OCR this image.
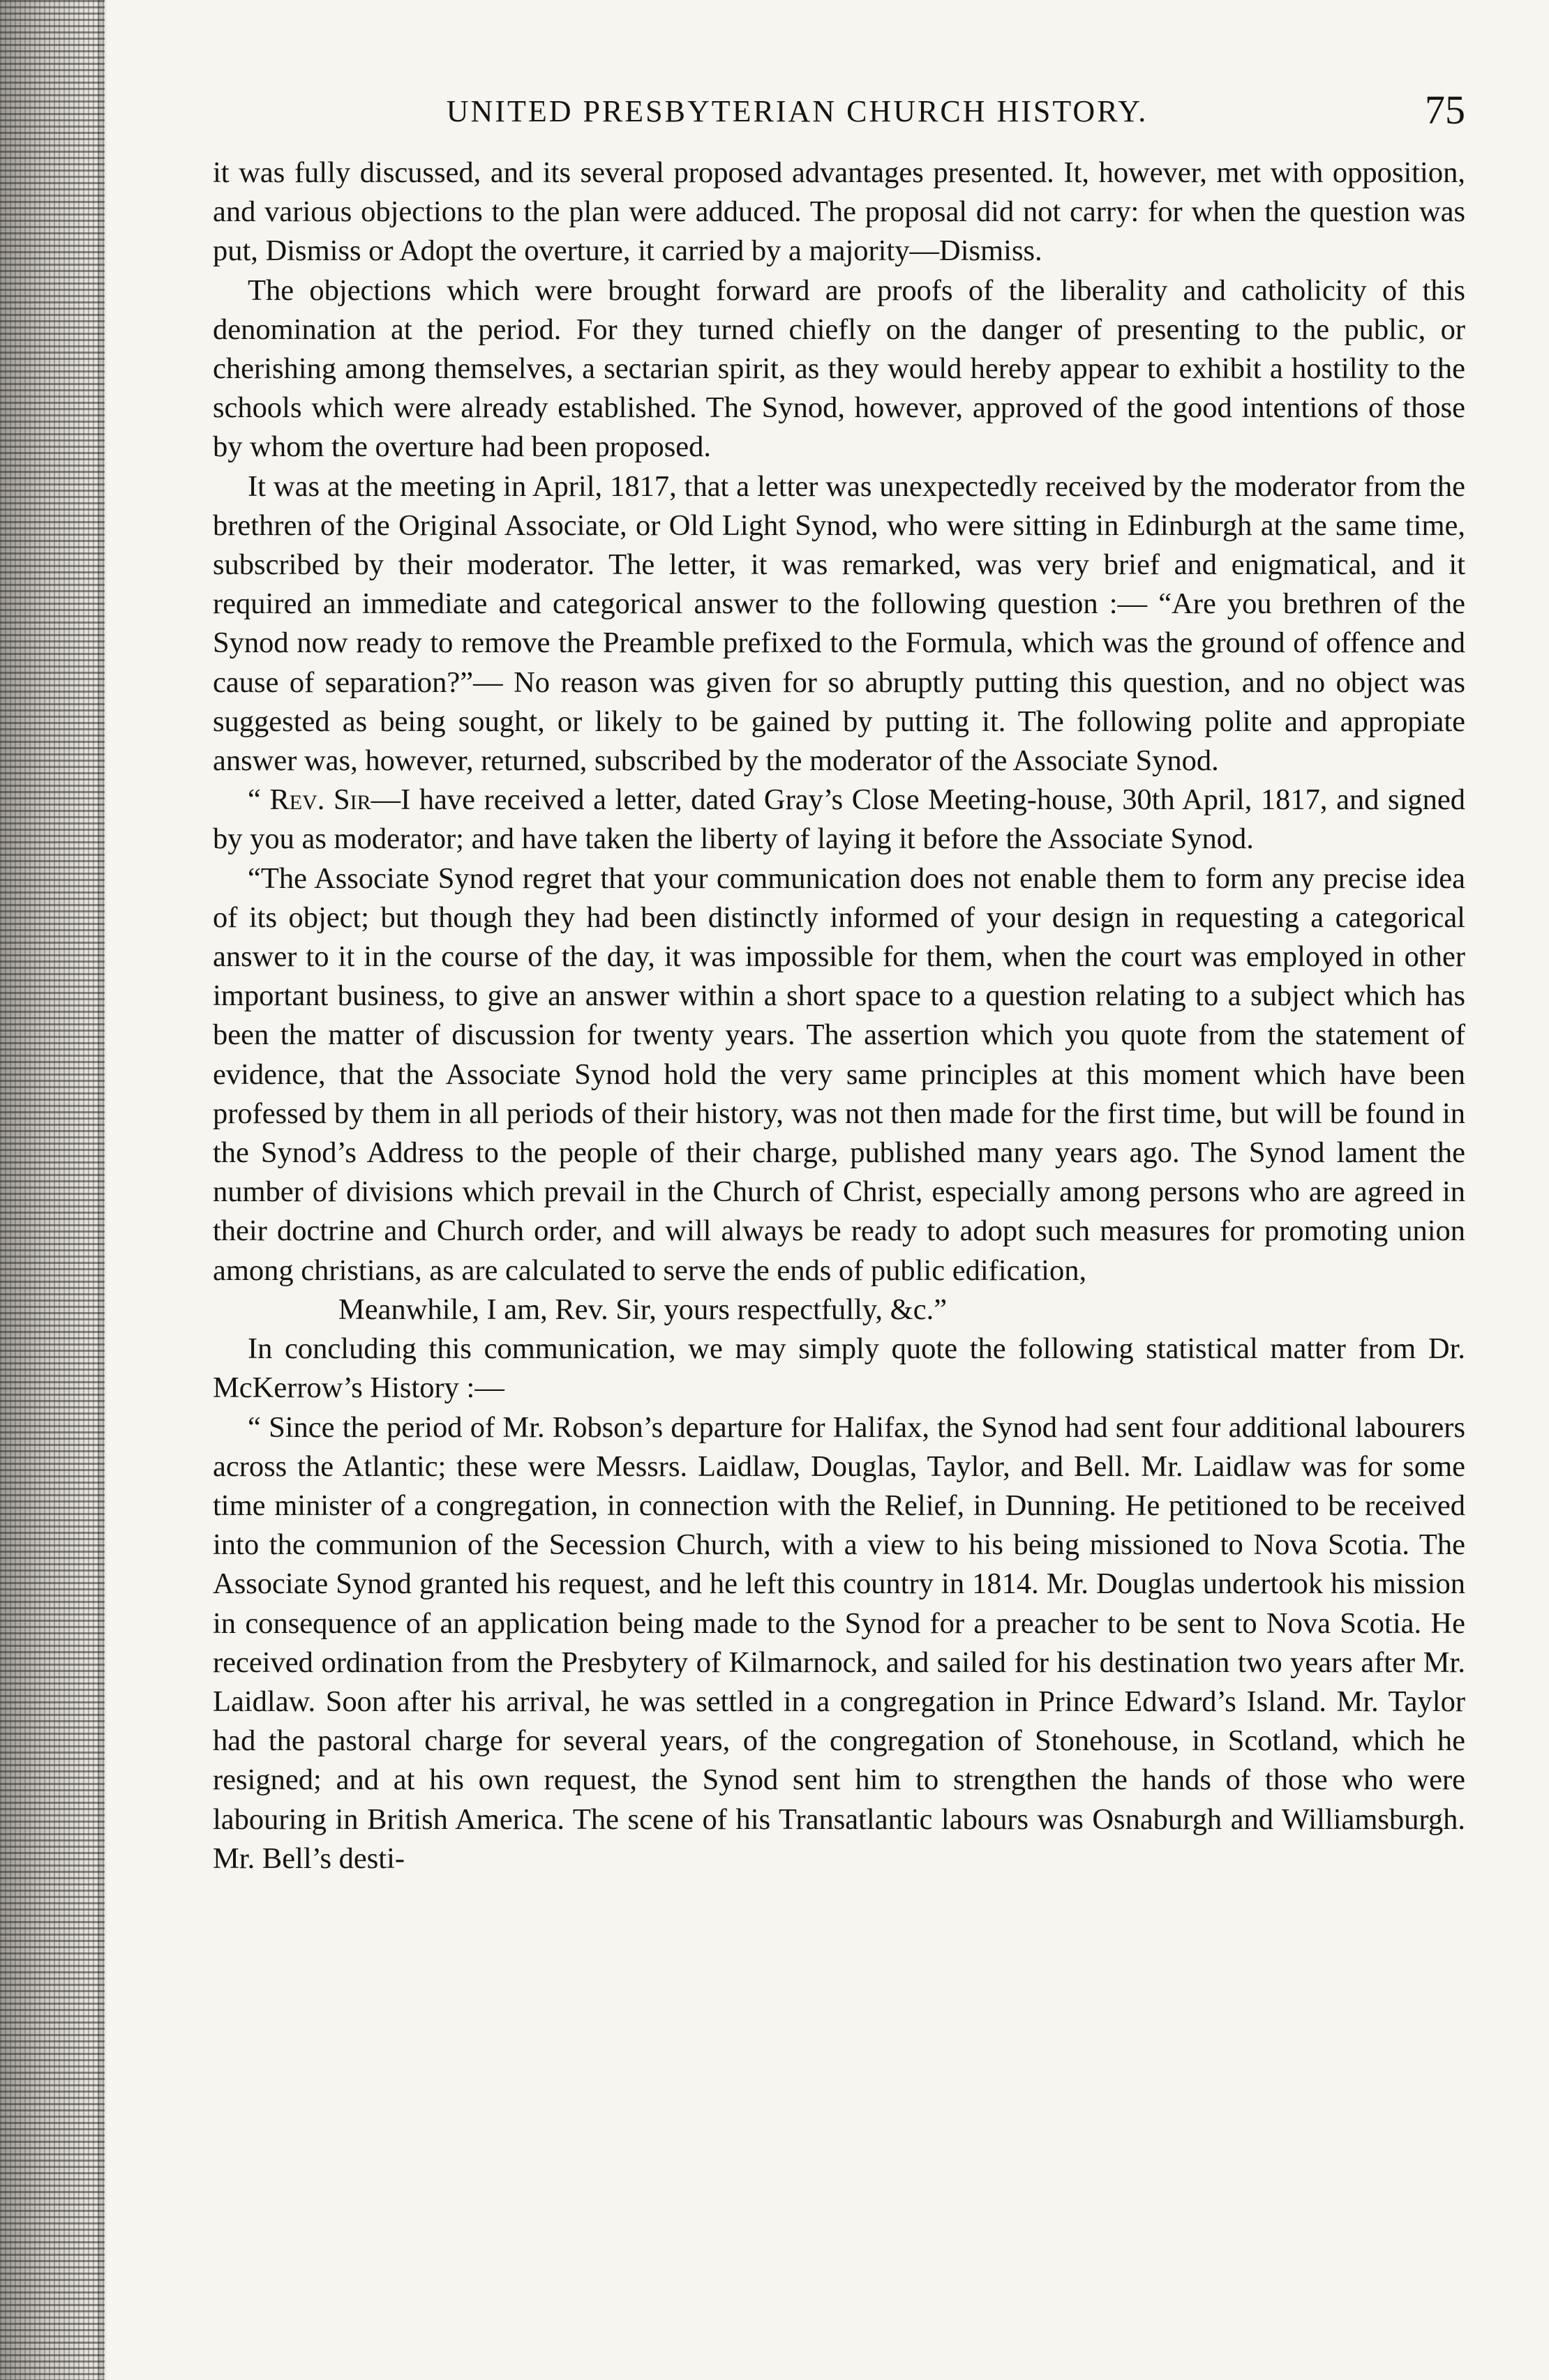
UNITED PRESBYTERIAN CHURCH HISTORY.	75

it was fully discussed, and its several proposed advantages presented. It, however, met with opposition, and various objections to the plan were adduced. The proposal did not carry: for when the question was put, Dismiss or Adopt the overture, it carried by a majority—Dismiss.

The objections which were brought forward are proofs of the liberality and catholicity of this denomination at the period. For they turned chiefly on the danger of presenting to the public, or cherishing among themselves, a sectarian spirit, as they would hereby appear to exhibit a hostility to the schools which were already established. The Synod, however, approved of the good intentions of those by whom the overture had been proposed.

It was at the meeting in April, 1817, that a letter was unexpectedly received by the moderator from the brethren of the Original Associate, or Old Light Synod, who were sitting in Edinburgh at the same time, subscribed by their moderator. The letter, it was remarked, was very brief and enigmatical, and it required an immediate and categorical answer to the following question :— “Are you brethren of the Synod now ready to remove the Preamble prefixed to the Formula, which was the ground of offence and cause of separation?”— No reason was given for so abruptly putting this question, and no object was suggested as being sought, or likely to be gained by putting it. The following polite and appropiate answer was, however, returned, subscribed by the moderator of the Associate Synod.

“ Rev. Sir—I have received a letter, dated Gray’s Close Meeting-house, 30th April, 1817, and signed by you as moderator; and have taken the liberty of laying it before the Associate Synod.

“The Associate Synod regret that your communication does not enable them to form any precise idea of its object; but though they had been distinctly informed of your design in requesting a categorical answer to it in the course of the day, it was impossible for them, when the court was employed in other important business, to give an answer within a short space to a question relating to a subject which has been the matter of discussion for twenty years. The assertion which you quote from the statement of evidence, that the Associate Synod hold the very same principles at this moment which have been professed by them in all periods of their history, was not then made for the first time, but will be found in the Synod’s Address to the people of their charge, published many years ago. The Synod lament the number of divisions which prevail in the Church of Christ, especially among persons who are agreed in their doctrine and Church order, and will always be ready to adopt such measures for promoting union among christians, as are calculated to serve the ends of public edification,

Meanwhile, I am, Rev. Sir, yours respectfully, &c.”

In concluding this communication, we may simply quote the following statistical matter from Dr. McKerrow’s History :—

“ Since the period of Mr. Robson’s departure for Halifax, the Synod had sent four additional labourers across the Atlantic; these were Messrs. Laidlaw, Douglas, Taylor, and Bell. Mr. Laidlaw was for some time minister of a congregation, in connection with the Relief, in Dunning. He petitioned to be received into the communion of the Secession Church, with a view to his being missioned to Nova Scotia. The Associate Synod granted his request, and he left this country in 1814. Mr. Douglas undertook his mission in consequence of an application being made to the Synod for a preacher to be sent to Nova Scotia. He received ordination from the Presbytery of Kilmarnock, and sailed for his destination two years after Mr. Laidlaw. Soon after his arrival, he was settled in a congregation in Prince Edward’s Island. Mr. Taylor had the pastoral charge for several years, of the congregation of Stonehouse, in Scotland, which he resigned; and at his own request, the Synod sent him to strengthen the hands of those who were labouring in British America. The scene of his Transatlantic labours was Osnaburgh and Williamsburgh. Mr. Bell’s desti-
